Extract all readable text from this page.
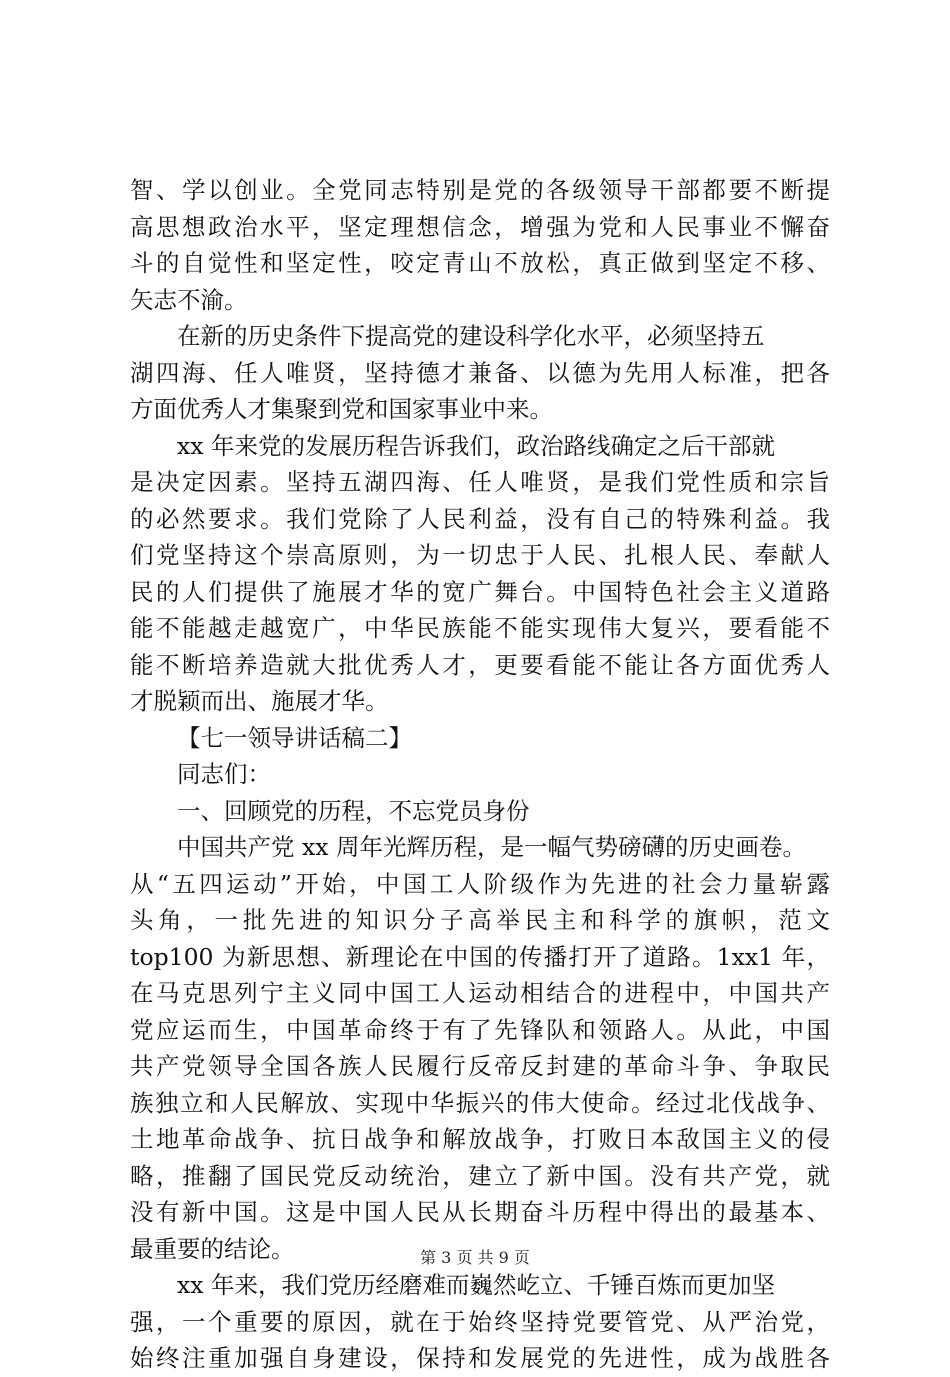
智、学以创业。全党同志特别是党的各级领导干部都要不断提
高思想政治水平，坚定理想信念，增强为党和人民事业不懈奋
斗的自觉性和坚定性，咬定青山不放松，真正做到坚定不移、
矢志不渝。
在新的历史条件下提高党的建设科学化水平，必须坚持五
湖四海、任人唯贤，坚持德才兼备、以德为先用人标准，把各
方面优秀人才集聚到党和国家事业中来。
xx 年来党的发展历程告诉我们，政治路线确定之后干部就
是决定因素。坚持五湖四海、任人唯贤，是我们党性质和宗旨
的必然要求。我们党除了人民利益，没有自己的特殊利益。我
们党坚持这个崇高原则，为一切忠于人民、扎根人民、奉献人
民的人们提供了施展才华的宽广舞台。中国特色社会主义道路
能不能越走越宽广，中华民族能不能实现伟大复兴，要看能不
能不断培养造就大批优秀人才，更要看能不能让各方面优秀人
才脱颖而出、施展才华。
【七一领导讲话稿二】
同志们：
一、回顾党的历程，不忘党员身份
中国共产党 xx 周年光辉历程，是一幅气势磅礴的历史画卷。
从“五四运动”开始，中国工人阶级作为先进的社会力量崭露
头角，一批先进的知识分子高举民主和科学的旗帜，范文
top100 为新思想、新理论在中国的传播打开了道路。1xx1 年，
在马克思列宁主义同中国工人运动相结合的进程中，中国共产
党应运而生，中国革命终于有了先锋队和领路人。从此，中国
共产党领导全国各族人民履行反帝反封建的革命斗争、争取民
族独立和人民解放、实现中华振兴的伟大使命。经过北伐战争、
土地革命战争、抗日战争和解放战争，打败日本敌国主义的侵
略，推翻了国民党反动统治，建立了新中国。没有共产党，就
没有新中国。这是中国人民从长期奋斗历程中得出的最基本、
最重要的结论。
xx 年来，我们党历经磨难而巍然屹立、千锤百炼而更加坚
强，一个重要的原因，就在于始终坚持党要管党、从严治党，
始终注重加强自身建设，保持和发展党的先进性，成为战胜各
第 3 页 共 9 页
